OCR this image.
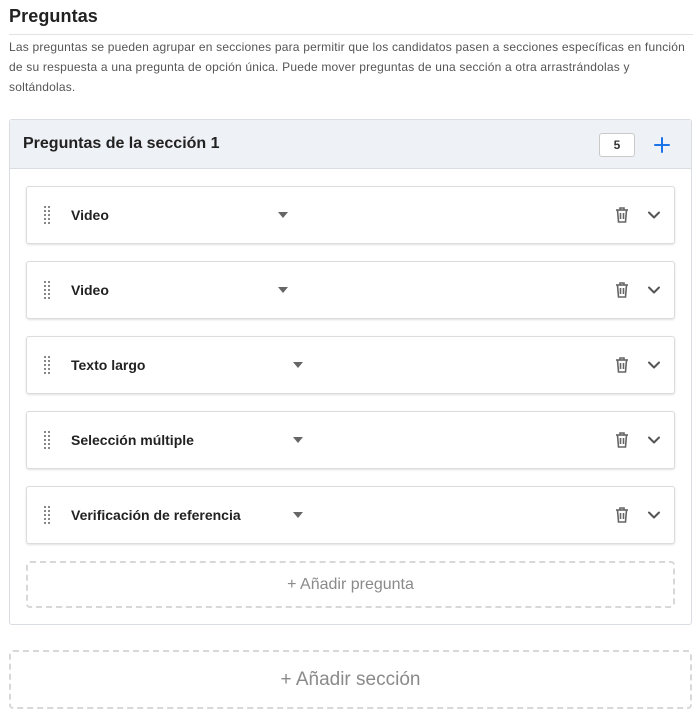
Preguntas
Las preguntas se pueden agrupar en secciones para permitir que los candidatos pasen a secciones específicas en función de su respuesta a una pregunta de opción única. Puede mover preguntas de una sección a otra arrastrándolas y soltándolas.
Preguntas de la sección 1	5
Video
Video
Texto largo
Selección múltiple
Verificación de referencia
+ Añadir pregunta
+ Añadir sección
